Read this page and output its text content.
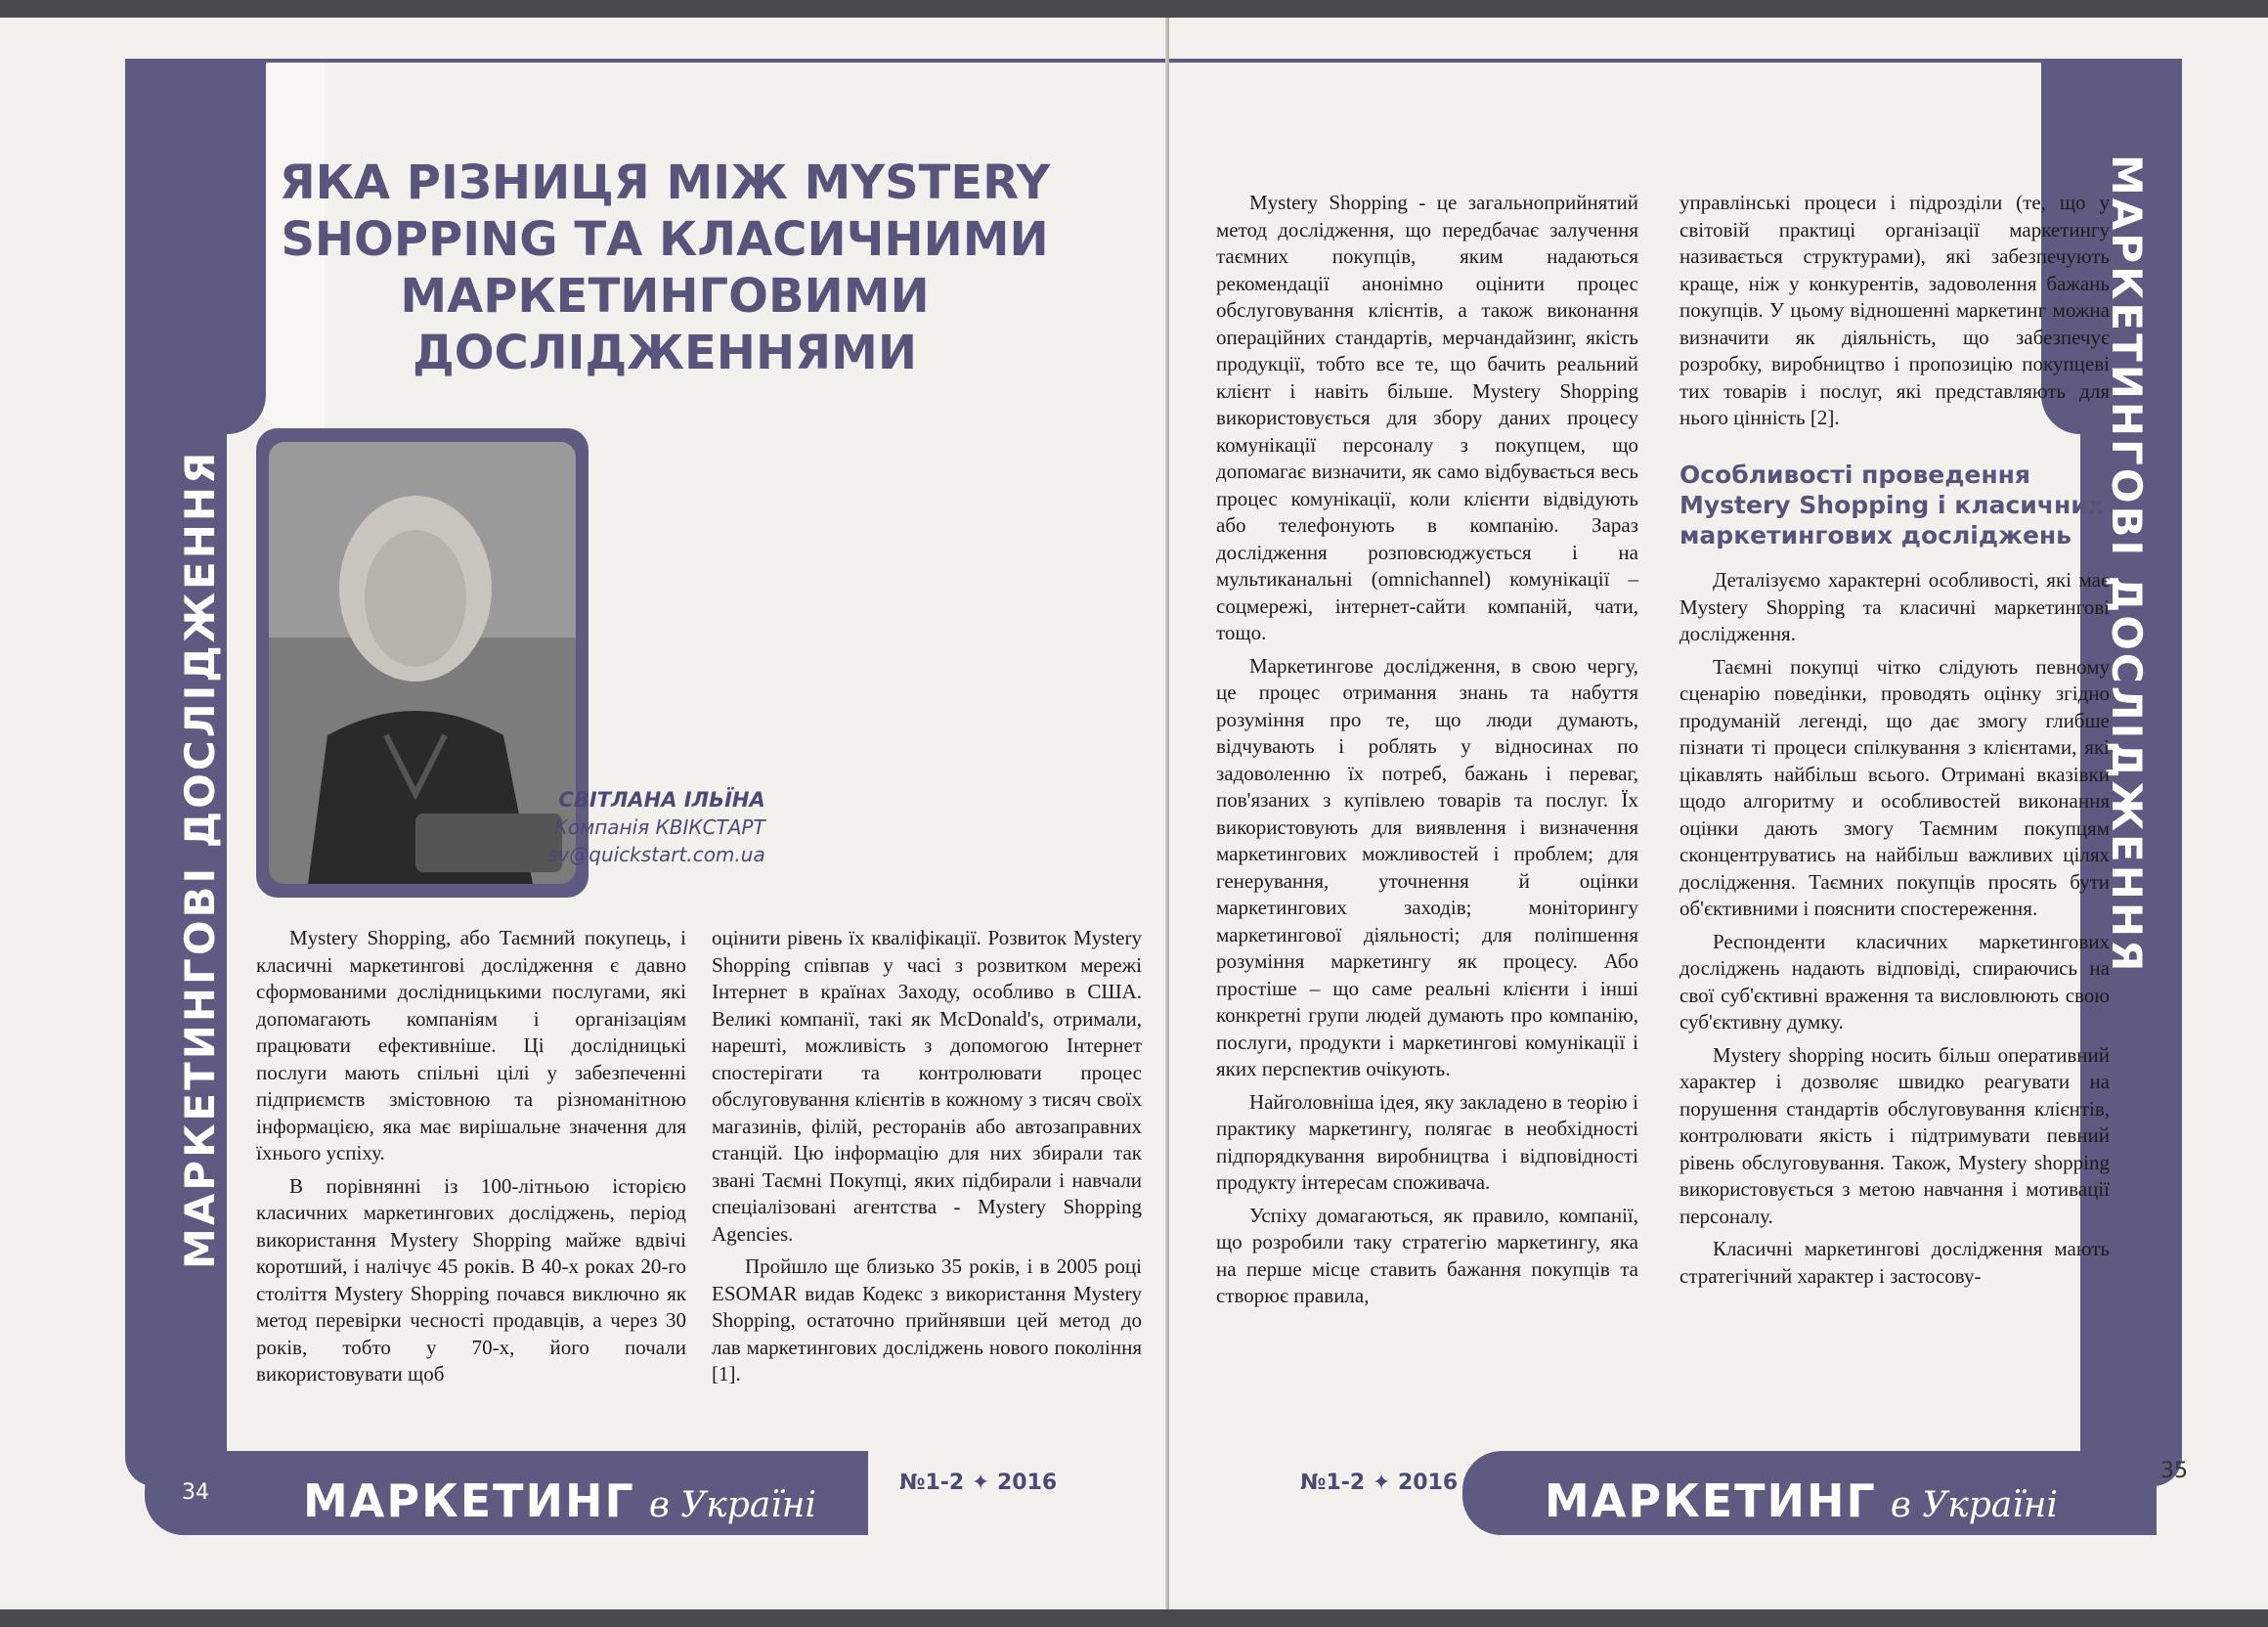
МАРКЕТИНГОВІ ДОСЛІДЖЕННЯ
ЯКА РІЗНИЦЯ МІЖ MYSTERY
SHOPPING ТА КЛАСИЧНИМИ
МАРКЕТИНГОВИМИ
ДОСЛІДЖЕННЯМИ
СВІТЛАНА ІЛЬЇНА
Компанія КВІКСТАРТ
sv@quickstart.com.ua

Mystery Shopping, або Таємний покупець, і класичні маркетингові дослідження є давно сформованими дослідницькими послугами, які допомагають компаніям і організаціям працювати ефективніше. Ці дослідницькі послуги мають спільні цілі у забезпеченні підприємств змістовною та різноманітною інформацією, яка має вирішальне значення для їхнього успіху.

В порівнянні із 100-літньою історією класичних маркетингових досліджень, період використання Mystery Shopping майже вдвічі коротший, і налічує 45 років. В 40-х роках 20-го століття Mystery Shopping почався виключно як метод перевірки чесності продавців, а через 30 років, тобто у 70-х, його почали використовувати щоб

оцінити рівень їх кваліфікації. Розвиток Mystery Shopping співпав у часі з розвитком мережі Інтернет в країнах Заходу, особливо в США. Великі компанії, такі як McDonald's, отримали, нарешті, можливість з допомогою Інтернет спостерігати та контролювати процес обслуговування клієнтів в кожному з тисяч своїх магазинів, філій, ресторанів або автозаправних станцій. Цю інформацію для них збирали так звані Таємні Покупці, яких підбирали і навчали спеціалізовані агентства - Mystery Shopping Agencies.

Пройшло ще близько 35 років, і в 2005 році ESOMAR видав Кодекс з використання Mystery Shopping, остаточно прийнявши цей метод до лав маркетингових досліджень нового покоління [1].

МАРКЕТИНГ в Україні
№1-2 ✦ 2016
34
МАРКЕТИНГОВІ ДОСЛІДЖЕННЯ

Mystery Shopping - це загальноприйнятий метод дослідження, що передбачає залучення таємних покупців, яким надаються рекомендації анонімно оцінити процес обслуговування клієнтів, а також виконання операційних стандартів, мерчандайзинг, якість продукції, тобто все те, що бачить реальний клієнт і навіть більше. Mystery Shopping використовується для збору даних процесу комунікації персоналу з покупцем, що допомагає визначити, як само відбувається весь процес комунікації, коли клієнти відвідують або телефонують в компанію. Зараз дослідження розповсюджується і на мультиканальні (omnichannel) комунікації – соцмережі, інтернет-сайти компаній, чати, тощо.

Маркетингове дослідження, в свою чергу, це процес отримання знань та набуття розуміння про те, що люди думають, відчувають і роблять у відносинах по задоволенню їх потреб, бажань і переваг, пов'язаних з купівлею товарів та послуг. Їх використовують для виявлення і визначення маркетингових можливостей і проблем; для генерування, уточнення й оцінки маркетингових заходів; моніторингу маркетингової діяльності; для поліпшення розуміння маркетингу як процесу. Або простіше – що саме реальні клієнти і інші конкретні групи людей думають про компанію, послуги, продукти і маркетингові комунікації і яких перспектив очікують.

Найголовніша ідея, яку закладено в теорію і практику маркетингу, полягає в необхідності підпорядкування виробництва і відповідності продукту інтересам споживача.

Успіху домагаються, як правило, компанії, що розробили таку стратегію маркетингу, яка на перше місце ставить бажання покупців та створює правила,

управлінські процеси і підрозділи (те, що у світовій практиці організації маркетингу називається структурами), які забезпечують краще, ніж у конкурентів, задоволення бажань покупців. У цьому відношенні маркетинг можна визначити як діяльність, що забезпечує розробку, виробництво і пропозицію покупцеві тих товарів і послуг, які представляють для нього цінність [2].

Особливості проведення
Mystery Shopping і класичних
маркетингових досліджень

Деталізуємо характерні особливості, які має Mystery Shopping та класичні маркетингові дослідження.

Таємні покупці чітко слідують певному сценарію поведінки, проводять оцінку згідно продуманій легенді, що дає змогу глибше пізнати ті процеси спілкування з клієнтами, які цікавлять найбільш всього. Отримані вказівки щодо алгоритму и особливостей виконання оцінки дають змогу Таємним покупцям сконцентруватись на найбільш важливих цілях дослідження. Таємних покупців просять бути об'єктивними і пояснити спостереження.

Респонденти класичних маркетингових досліджень надають відповіді, спираючись на свої суб'єктивні враження та висловлюють свою суб'єктивну думку.

Mystery shopping носить більш оперативний характер і дозволяє швидко реагувати на порушення стандартів обслуговування клієнтів, контролювати якість і підтримувати певний рівень обслуговування. Також, Mystery shopping використовується з метою навчання і мотивації персоналу.

Класичні маркетингові дослідження мають стратегічний характер і застосову-

№1-2 ✦ 2016 МАРКЕТИНГ в Україні
35
